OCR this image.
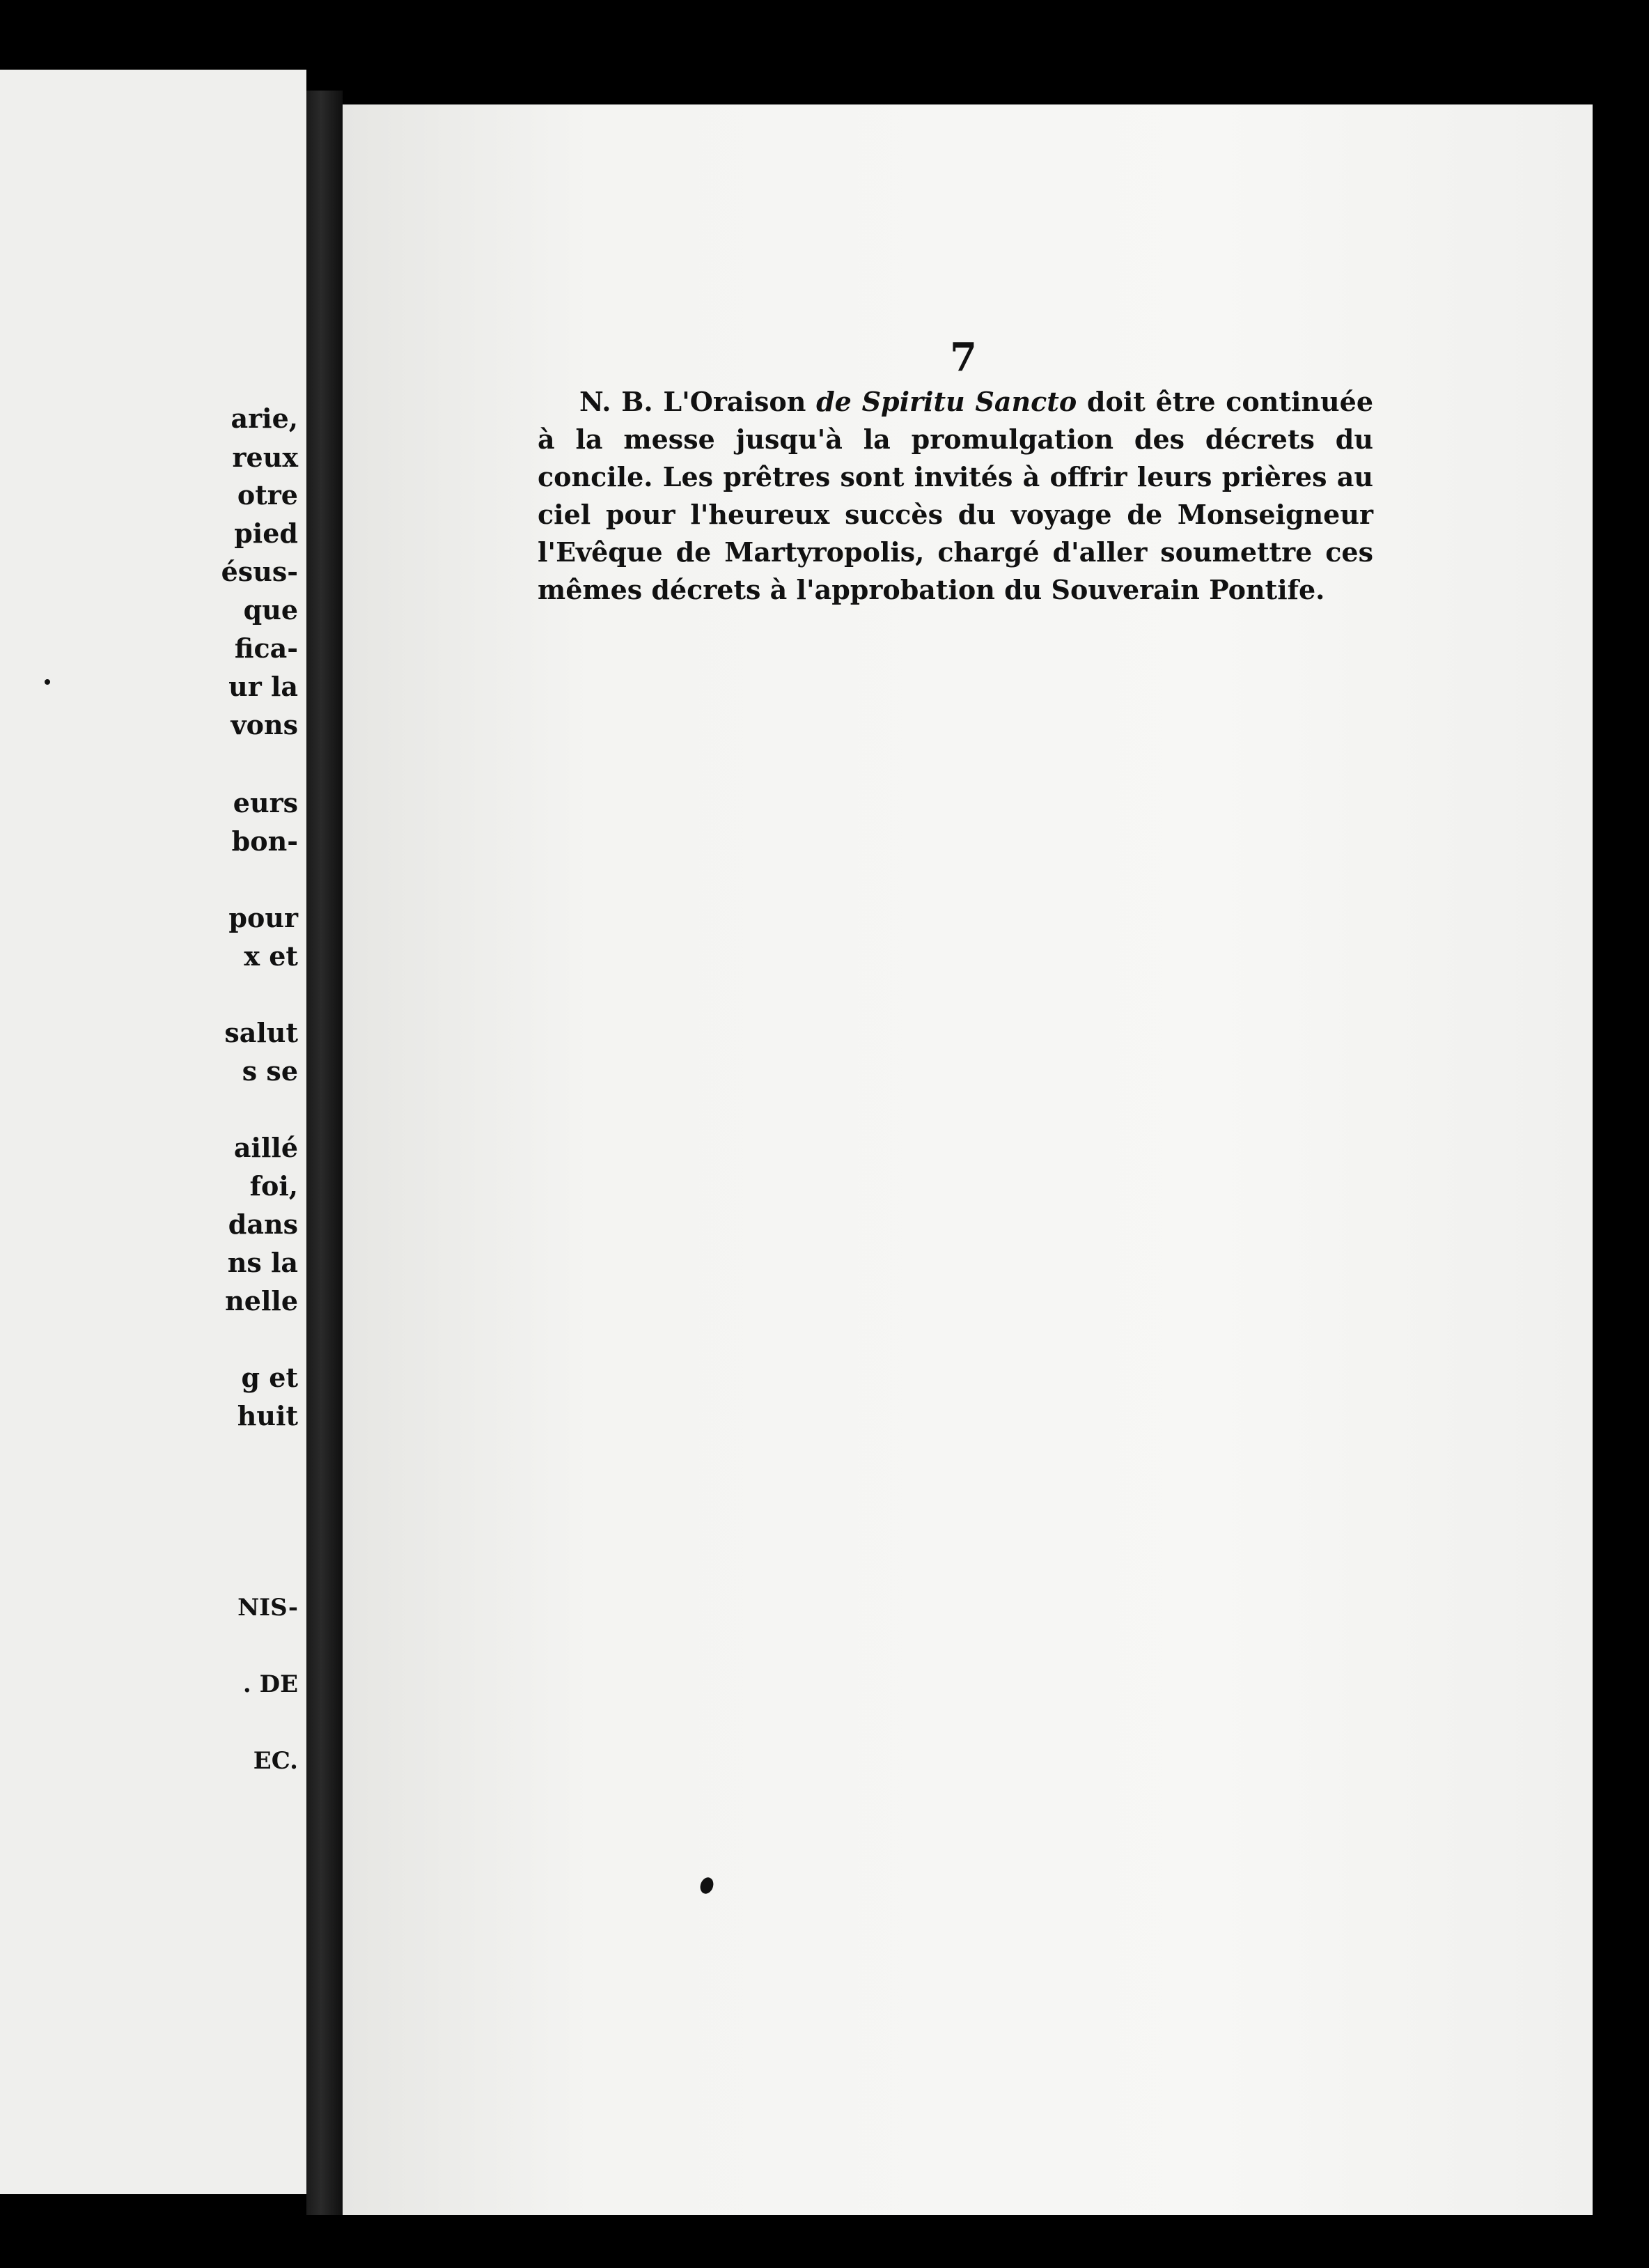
arie,
reux
otre
pied
ésus-
que
fica-
ur la
vons
eurs
bon-
pour
x et
salut
s se
aillé
foi,
dans
ns la
nelle
g et
huit
NIS-
. DE
EC.
7

N. B. L'Oraison de Spiritu Sancto doit être continuée à la messe jusqu'à la promulgation des décrets du concile. Les prêtres sont invités à offrir leurs prières au ciel pour l'heureux succès du voyage de Monseigneur l'Evêque de Martyropolis, chargé d'aller soumettre ces mêmes décrets à l'approbation du Souverain Pontife.
